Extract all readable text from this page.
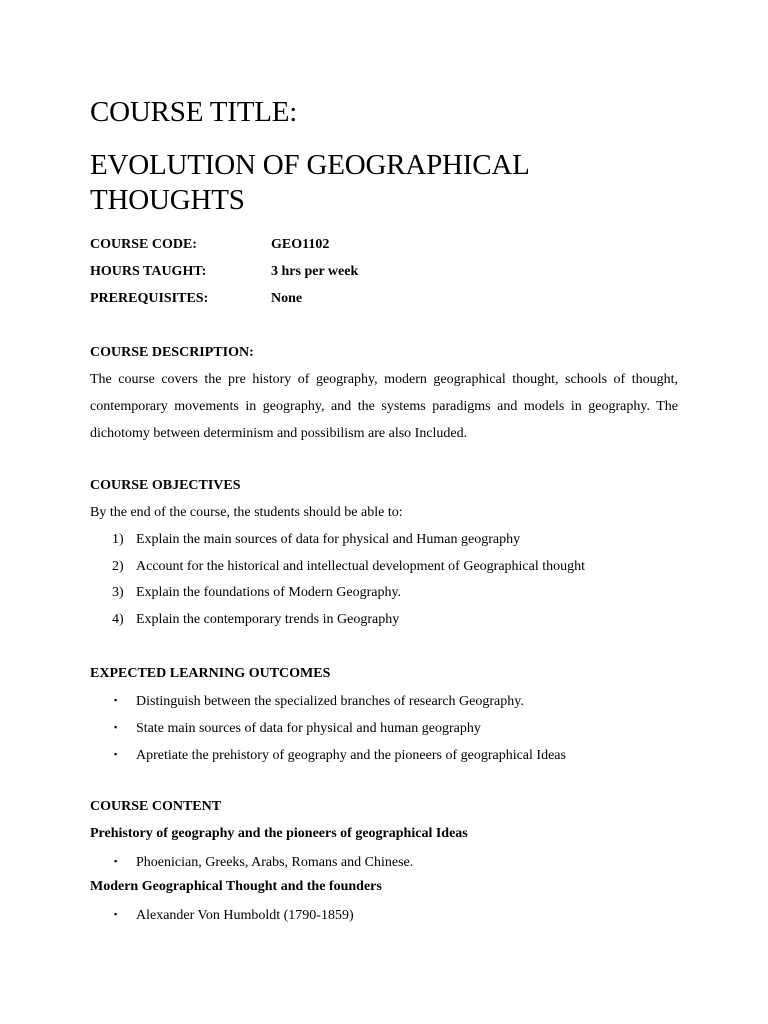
COURSE TITLE:
EVOLUTION OF GEOGRAPHICAL
THOUGHTS
COURSE CODE:	GEO1102
HOURS TAUGHT:	3 hrs per week
PREREQUISITES:	None
COURSE DESCRIPTION:

The course covers the pre history of geography, modern geographical thought, schools of thought, contemporary movements in geography, and the systems paradigms and models in geography. The dichotomy between determinism and possibilism are also Included.

COURSE OBJECTIVES
By the end of the course, the students should be able to:
1) Explain the main sources of data for physical and Human geography
2) Account for the historical and intellectual development of Geographical thought
3) Explain the foundations of Modern Geography.
4) Explain the contemporary trends in Geography
EXPECTED LEARNING OUTCOMES
▪ Distinguish between the specialized branches of research Geography.
▪ State main sources of data for physical and human geography
▪ Apretiate the prehistory of geography and the pioneers of geographical Ideas
COURSE CONTENT
Prehistory of geography and the pioneers of geographical Ideas
▪ Phoenician, Greeks, Arabs, Romans and Chinese.
Modern Geographical Thought and the founders
▪ Alexander Von Humboldt (1790-1859)
